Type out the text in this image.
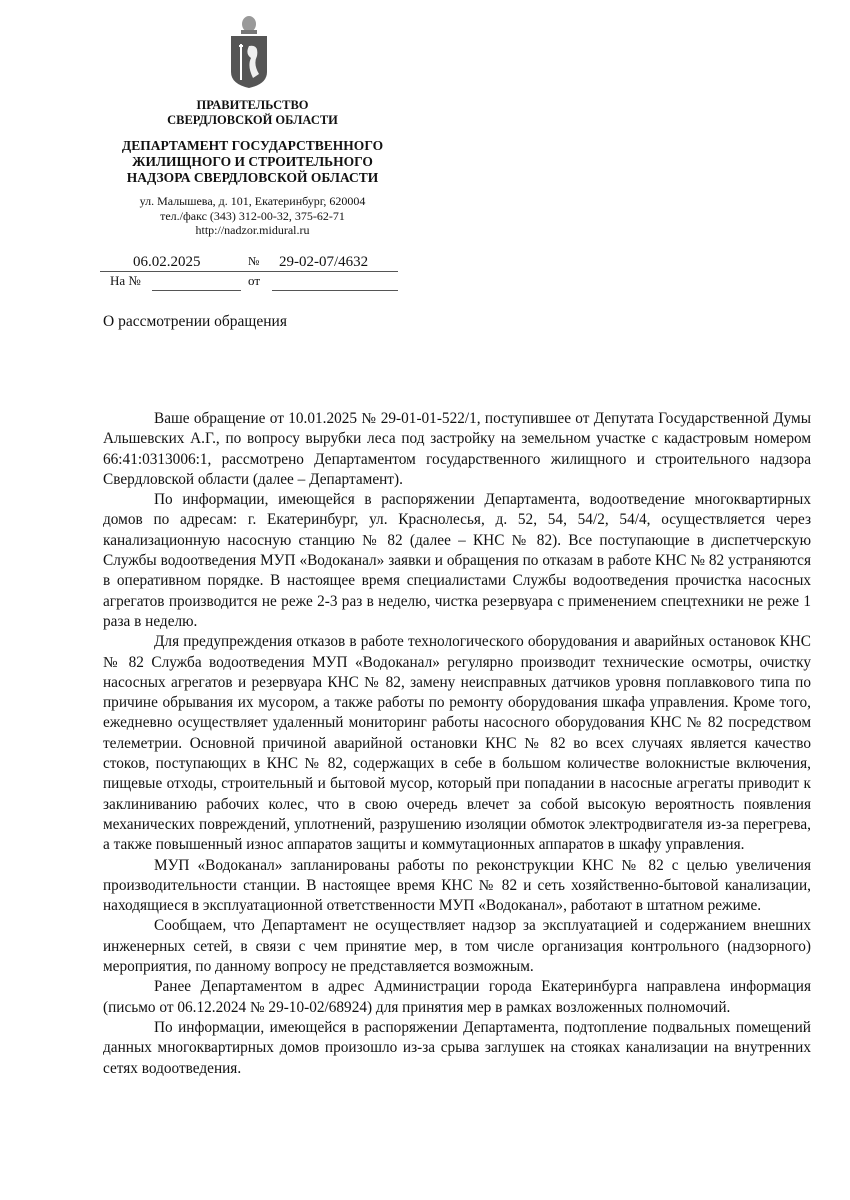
ПРАВИТЕЛЬСТВО
СВЕРДЛОВСКОЙ ОБЛАСТИ
ДЕПАРТАМЕНТ ГОСУДАРСТВЕННОГО
ЖИЛИЩНОГО И СТРОИТЕЛЬНОГО
НАДЗОРА СВЕРДЛОВСКОЙ ОБЛАСТИ
ул. Малышева, д. 101, Екатеринбург, 620004
тел./факс (343) 312-00-32, 375-62-71
http://nadzor.midural.ru
06.02.2025	№ 29-02-07/4632
На №	от
О рассмотрении обращения

Ваше обращение от 10.01.2025 № 29-01-01-522/1, поступившее от Депутата Государственной Думы Альшевских А.Г., по вопросу вырубки леса под застройку на земельном участке с кадастровым номером 66:41:0313006:1, рассмотрено Департаментом государственного жилищного и строительного надзора Свердловской области (далее – Департамент).

По информации, имеющейся в распоряжении Департамента, водоотведение многоквартирных домов по адресам: г. Екатеринбург, ул. Краснолесья, д. 52, 54, 54/2, 54/4, осуществляется через канализационную насосную станцию № 82 (далее – КНС № 82). Все поступающие в диспетчерскую Службы водоотведения МУП «Водоканал» заявки и обращения по отказам в работе КНС № 82 устраняются в оперативном порядке. В настоящее время специалистами Службы водоотведения прочистка насосных агрегатов производится не реже 2-3 раз в неделю, чистка резервуара с применением спецтехники не реже 1 раза в неделю.

Для предупреждения отказов в работе технологического оборудования и аварийных остановок КНС № 82 Служба водоотведения МУП «Водоканал» регулярно производит технические осмотры, очистку насосных агрегатов и резервуара КНС № 82, замену неисправных датчиков уровня поплавкового типа по причине обрывания их мусором, а также работы по ремонту оборудования шкафа управления. Кроме того, ежедневно осуществляет удаленный мониторинг работы насосного оборудования КНС № 82 посредством телеметрии. Основной причиной аварийной остановки КНС № 82 во всех случаях является качество стоков, поступающих в КНС № 82, содержащих в себе в большом количестве волокнистые включения, пищевые отходы, строительный и бытовой мусор, который при попадании в насосные агрегаты приводит к заклиниванию рабочих колес, что в свою очередь влечет за собой высокую вероятность появления механических повреждений, уплотнений, разрушению изоляции обмоток электродвигателя из-за перегрева, а также повышенный износ аппаратов защиты и коммутационных аппаратов в шкафу управления.

МУП «Водоканал» запланированы работы по реконструкции КНС № 82 с целью увеличения производительности станции. В настоящее время КНС № 82 и сеть хозяйственно-бытовой канализации, находящиеся в эксплуатационной ответственности МУП «Водоканал», работают в штатном режиме.

Сообщаем, что Департамент не осуществляет надзор за эксплуатацией и содержанием внешних инженерных сетей, в связи с чем принятие мер, в том числе организация контрольного (надзорного) мероприятия, по данному вопросу не представляется возможным.

Ранее Департаментом в адрес Администрации города Екатеринбурга направлена информация (письмо от 06.12.2024 № 29-10-02/68924) для принятия мер в рамках возложенных полномочий.

По информации, имеющейся в распоряжении Департамента, подтопление подвальных помещений данных многоквартирных домов произошло из-за срыва заглушек на стояках канализации на внутренних сетях водоотведения.
